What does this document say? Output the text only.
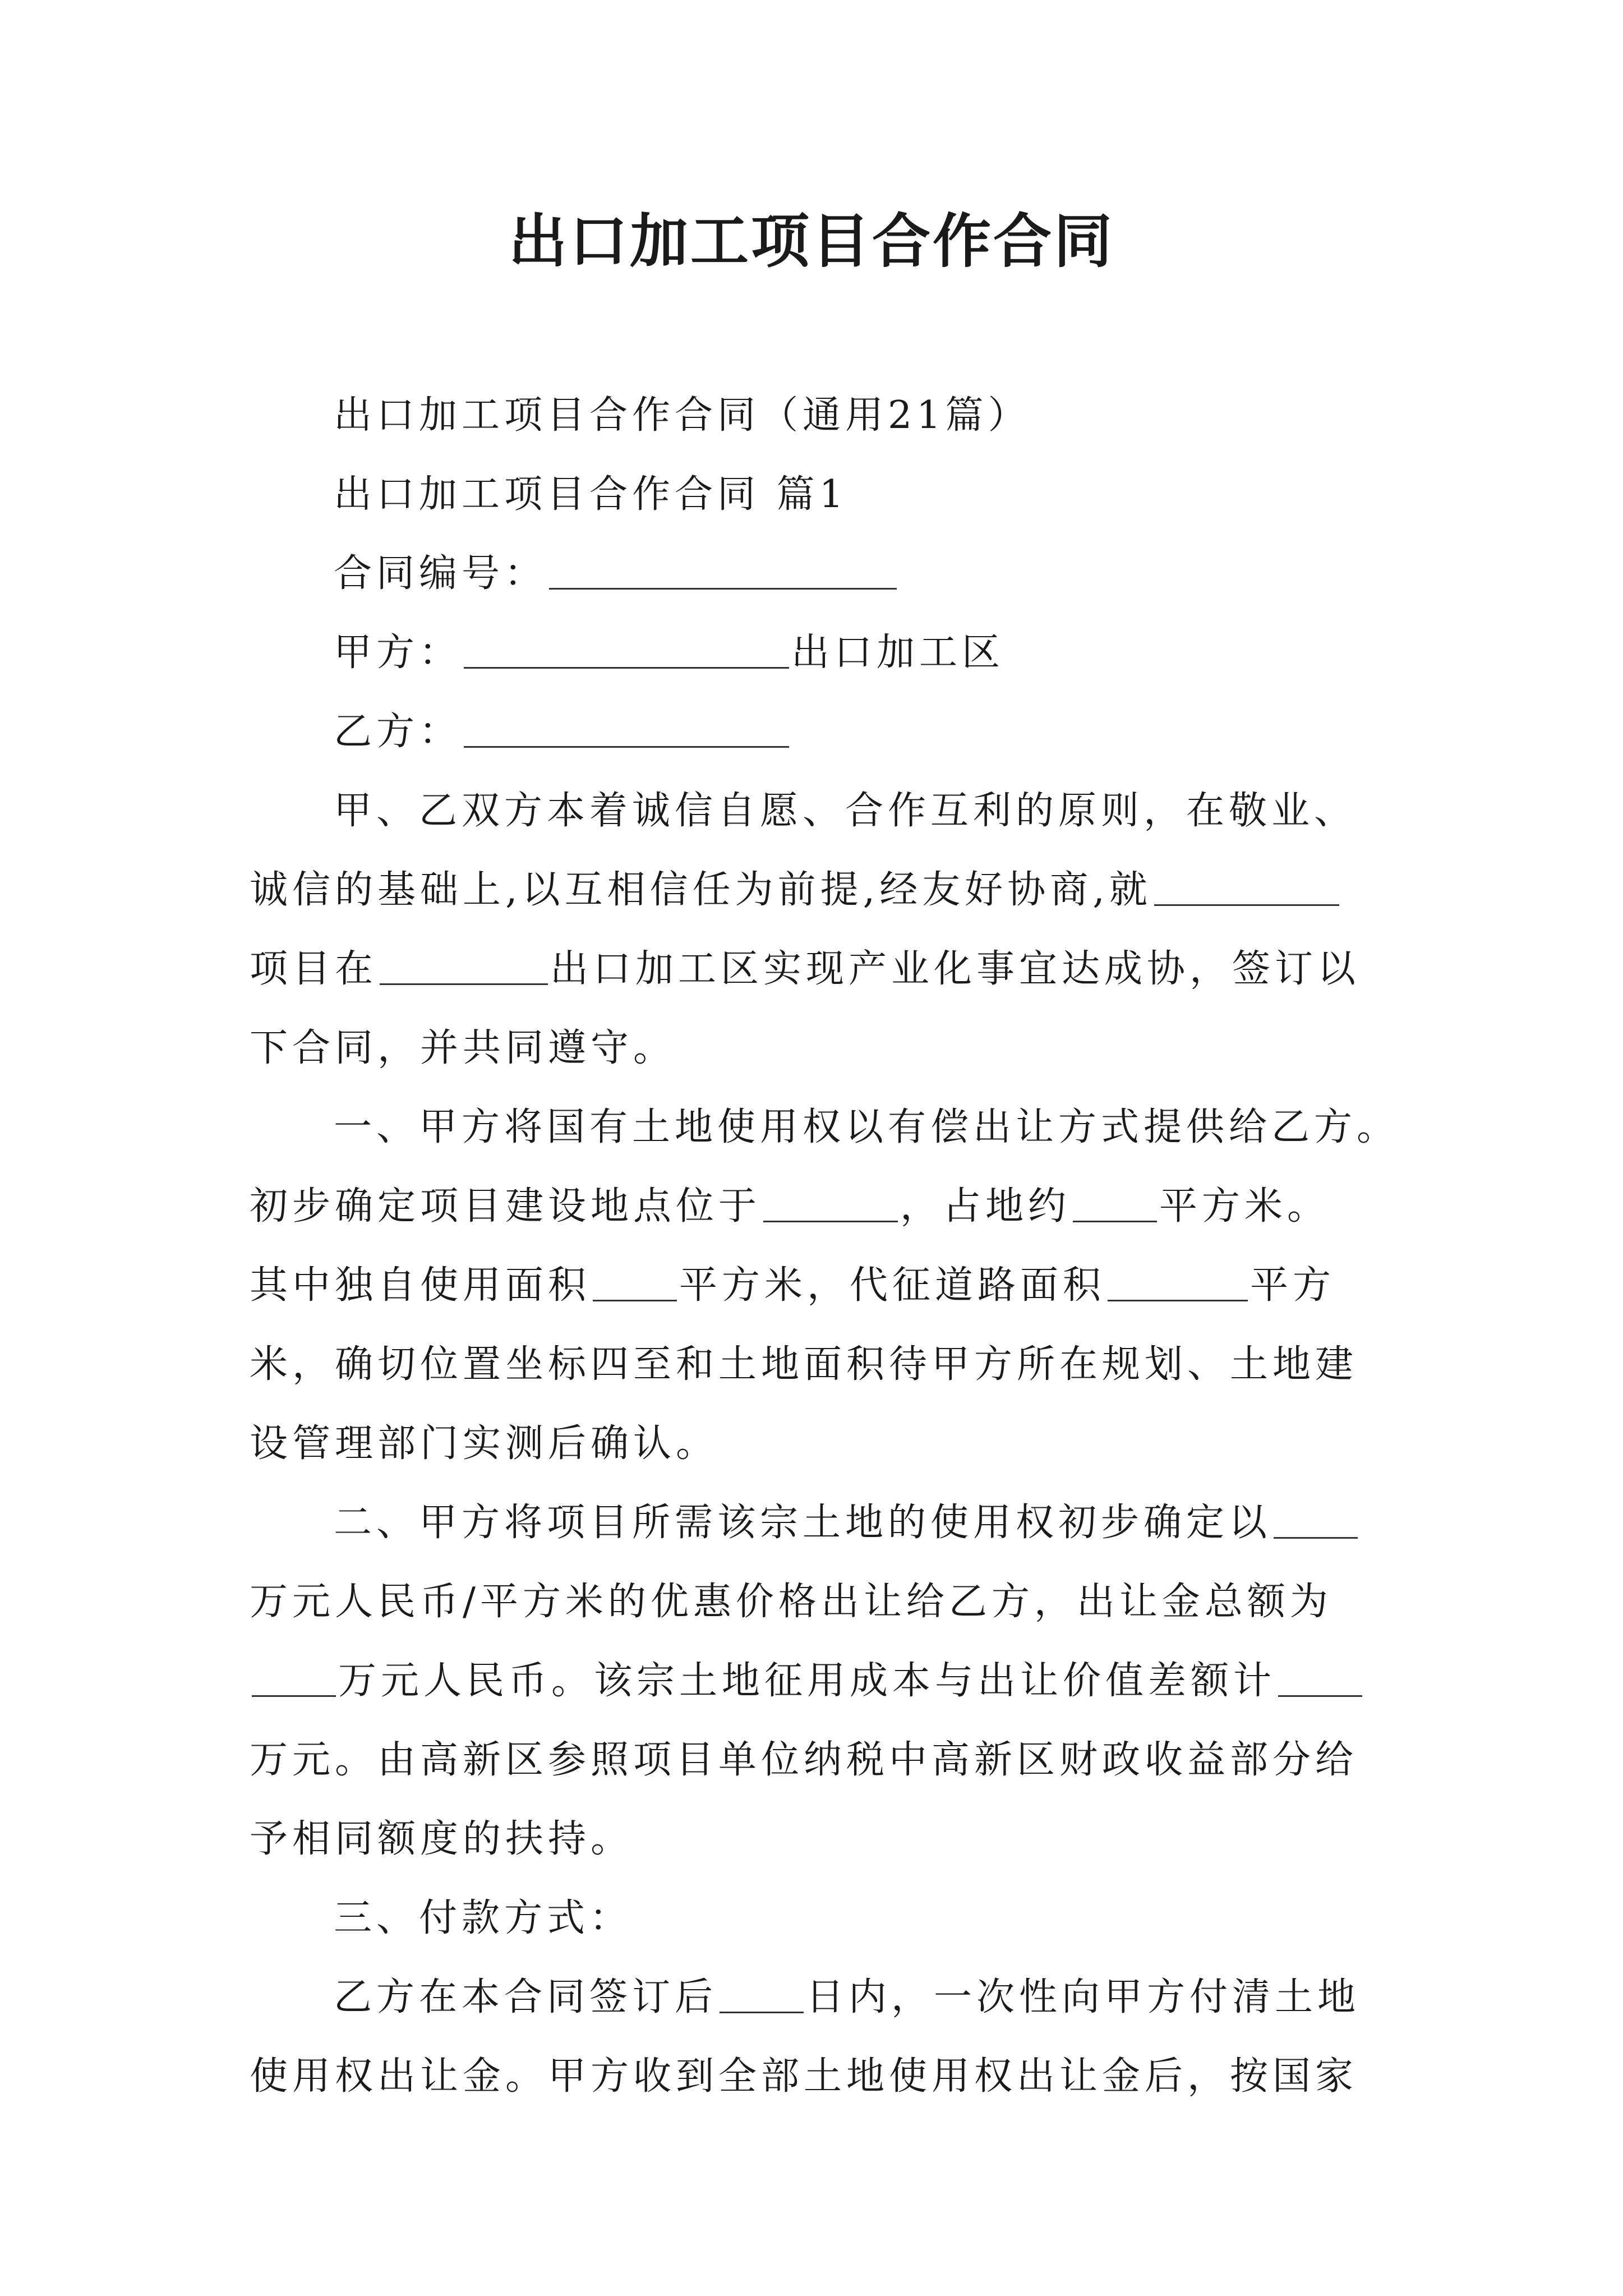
出口加工项目合作合同

出口加工项目合作合同（通用21篇）

出口加工项目合作合同 篇1

合同编号：

甲方：	出口加工区

乙方：

甲、乙双方本着诚信自愿、合作互利的原则，在敬业、

诚信的基础上,以互相信任为前提,经友好协商,就

项目在	出口加工区实现产业化事宜达成协，签订以

下合同，并共同遵守。

一、甲方将国有土地使用权以有偿出让方式提供给乙方。

初步确定项目建设地点位于	，占地约 平方米。

其中独自使用面积 平方米，代征道路面积	平方

米，确切位置坐标四至和土地面积待甲方所在规划、土地建

设管理部门实测后确认。

二、甲方将项目所需该宗土地的使用权初步确定以

万元人民币/平方米的优惠价格出让给乙方，出让金总额为

万元人民币。该宗土地征用成本与出让价值差额计

万元。由高新区参照项目单位纳税中高新区财政收益部分给

予相同额度的扶持。

三、付款方式：

乙方在本合同签订后 日内，一次性向甲方付清土地

使用权出让金。甲方收到全部土地使用权出让金后，按国家
